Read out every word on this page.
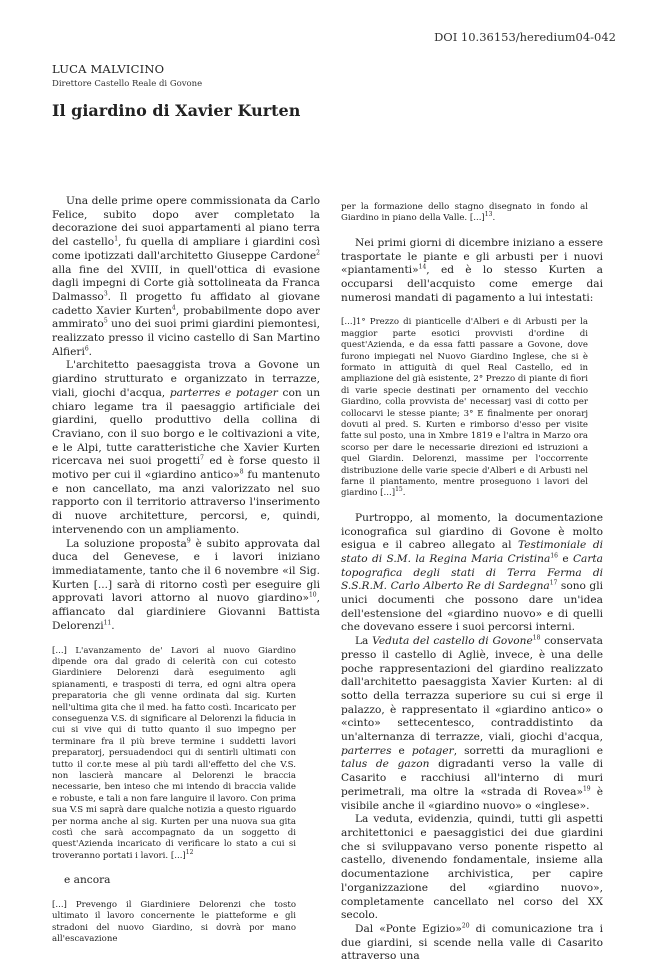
DOI 10.36153/heredium04-042
LUCA MALVICINO
Direttore Castello Reale di Govone
Il giardino di Xavier Kurten

Una delle prime opere commissionata da Carlo Felice, subito dopo aver completato la decorazione dei suoi appartamenti al piano terra del castello$^1$, fu quella di ampliare i giardini così come ipotizzati dall'architetto Giuseppe Cardone$^2$ alla fine del XVIII, in quell'ottica di evasione dagli impegni di Corte già sottolineata da Franca Dalmasso$^3$. Il progetto fu affidato al giovane cadetto Xavier Kurten$^4$, probabilmente dopo aver ammirato$^5$ uno dei suoi primi giardini piemontesi, realizzato presso il vicino castello di San Martino Alfieri$^6$.

L'architetto paesaggista trova a Govone un giardino strutturato e organizzato in terrazze, viali, giochi d'acqua, parterres e potager con un chiaro legame tra il paesaggio artificiale dei giardini, quello produttivo della collina di Craviano, con il suo borgo e le coltivazioni a vite, e le Alpi, tutte caratteristiche che Xavier Kurten ricercava nei suoi progetti$^7$ ed è forse questo il motivo per cui il «giardino antico»$^8$ fu mantenuto e non cancellato, ma anzi valorizzato nel suo rapporto con il territorio attraverso l'inserimento di nuove architetture, percorsi, e, quindi, intervenendo con un ampliamento.

La soluzione proposta$^9$ è subito approvata dal duca del Genevese, e i lavori iniziano immediatamente, tanto che il 6 novembre «il Sig. Kurten [...] sarà di ritorno costì per eseguire gli approvati lavori attorno al nuovo giardino»$^{10}$, affiancato dal giardiniere Giovanni Battista Delorenzi$^{11}$.

[...] L'avanzamento de' Lavori al nuovo Giardino dipende ora dal grado di celerità con cui cotesto Giardiniere Delorenzi darà eseguimento agli spianamenti, e trasposti di terra, ed ogni altra opera preparatoria che gli venne ordinata dal sig. Kurten nell'ultima gita che il med. ha fatto costì. Incaricato per conseguenza V.S. di significare al Delorenzi la fiducia in cui si vive qui di tutto quanto il suo impegno per terminare fra il più breve termine i suddetti lavori preparatorj, persuadendoci qui di sentirli ultimati con tutto il cor.te mese al più tardi all'effetto del che V.S. non lascierà mancare al Delorenzi le braccia necessarie, ben inteso che mi intendo di braccia valide e robuste, e tali a non fare languire il lavoro. Con prima sua V.S mi saprà dare qualche notizia a questo riguardo per norma anche al sig. Kurten per una nuova sua gita costì che sarà accompagnato da un soggetto di quest'Azienda incaricato di verificare lo stato a cui si troveranno portati i lavori. [...]$^{12}$

e ancora

[...] Prevengo il Giardiniere Delorenzi che tosto ultimato il lavoro concernente le piatteforme e gli stradoni del nuovo Giardino, si dovrà por mano all'escavazione

per la formazione dello stagno disegnato in fondo al Giardino in piano della Valle. [...]$^{13}$.

Nei primi giorni di dicembre iniziano a essere trasportate le piante e gli arbusti per i nuovi «piantamenti»$^{14}$, ed è lo stesso Kurten a occuparsi dell'acquisto come emerge dai numerosi mandati di pagamento a lui intestati:

[...]1° Prezzo di pianticelle d'Alberi e di Arbusti per la maggior parte esotici provvisti d'ordine di quest'Azienda, e da essa fatti passare a Govone, dove furono impiegati nel Nuovo Giardino Inglese, che si è formato in attiguità di quel Real Castello, ed in ampliazione del già esistente, 2° Prezzo di piante di fiori di varie specie destinati per ornamento del vecchio Giardino, colla provvista de' necessarj vasi di cotto per collocarvi le stesse piante; 3° E finalmente per onorarj dovuti al pred. S. Kurten e rimborso d'esso per visite fatte sul posto, una in Xmbre 1819 e l'altra in Marzo ora scorso per dare le necessarie direzioni ed istruzioni a quel Giardin. Delorenzi, massime per l'occorrente distribuzione delle varie specie d'Alberi e di Arbusti nel farne il piantamento, mentre proseguono i lavori del giardino [...]$^{15}$.

Purtroppo, al momento, la documentazione iconografica sul giardino di Govone è molto esigua e il cabreo allegato al Testimoniale di stato di S.M. la Regina Maria Cristina$^{16}$ e Carta topografica degli stati di Terra Ferma di S.S.R.M. Carlo Alberto Re di Sardegna$^{17}$ sono gli unici documenti che possono dare un'idea dell'estensione del «giardino nuovo» e di quelli che dovevano essere i suoi percorsi interni.

La Veduta del castello di Govone$^{18}$ conservata presso il castello di Agliè, invece, è una delle poche rappresentazioni del giardino realizzato dall'architetto paesaggista Xavier Kurten: al di sotto della terrazza superiore su cui si erge il palazzo, è rappresentato il «giardino antico» o «cinto» settecentesco, contraddistinto da un'alternanza di terrazze, viali, giochi d'acqua, parterres e potager, sorretti da muraglioni e talus de gazon digradanti verso la valle di Casarito e racchiusi all'interno di muri perimetrali, ma oltre la «strada di Rovea»$^{19}$ è visibile anche il «giardino nuovo» o «inglese».

La veduta, evidenzia, quindi, tutti gli aspetti architettonici e paesaggistici dei due giardini che si sviluppavano verso ponente rispetto al castello, divenendo fondamentale, insieme alla documentazione archivistica, per capire l'organizzazione del «giardino nuovo», completamente cancellato nel corso del XX secolo.

Dal «Ponte Egizio»$^{20}$ di comunicazione tra i due giardini, si scende nella valle di Casarito attraverso una
